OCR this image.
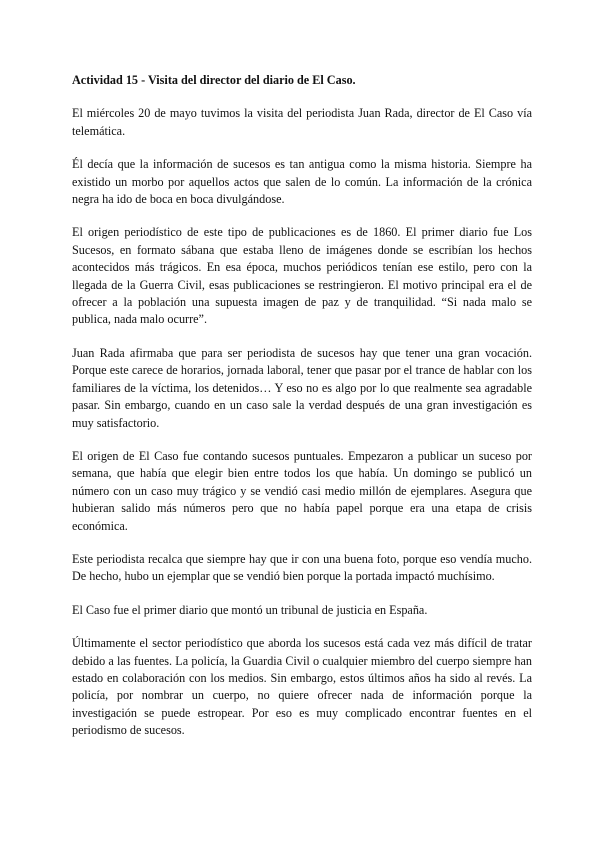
Actividad 15 - Visita del director del diario de El Caso.

El miércoles 20 de mayo tuvimos la visita del periodista Juan Rada, director de El Caso vía telemática.

Él decía que la información de sucesos es tan antigua como la misma historia. Siempre ha existido un morbo por aquellos actos que salen de lo común. La información de la crónica negra ha ido de boca en boca divulgándose.

El origen periodístico de este tipo de publicaciones es de 1860. El primer diario fue Los Sucesos, en formato sábana que estaba lleno de imágenes donde se escribían los hechos acontecidos más trágicos. En esa época, muchos periódicos tenían ese estilo, pero con la llegada de la Guerra Civil, esas publicaciones se restringieron. El motivo principal era el de ofrecer a la población una supuesta imagen de paz y de tranquilidad. “Si nada malo se publica, nada malo ocurre”.

Juan Rada afirmaba que para ser periodista de sucesos hay que tener una gran vocación. Porque este carece de horarios, jornada laboral, tener que pasar por el trance de hablar con los familiares de la víctima, los detenidos… Y eso no es algo por lo que realmente sea agradable pasar. Sin embargo, cuando en un caso sale la verdad después de una gran investigación es muy satisfactorio.

El origen de El Caso fue contando sucesos puntuales. Empezaron a publicar un suceso por semana, que había que elegir bien entre todos los que había. Un domingo se publicó un número con un caso muy trágico y se vendió casi medio millón de ejemplares. Asegura que hubieran salido más números pero que no había papel porque era una etapa de crisis económica.

Este periodista recalca que siempre hay que ir con una buena foto, porque eso vendía mucho. De hecho, hubo un ejemplar que se vendió bien porque la portada impactó muchísimo.

El Caso fue el primer diario que montó un tribunal de justicia en España.

Últimamente el sector periodístico que aborda los sucesos está cada vez más difícil de tratar debido a las fuentes. La policía, la Guardia Civil o cualquier miembro del cuerpo siempre han estado en colaboración con los medios. Sin embargo, estos últimos años ha sido al revés. La policía, por nombrar un cuerpo, no quiere ofrecer nada de información porque la investigación se puede estropear. Por eso es muy complicado encontrar fuentes en el periodismo de sucesos.
